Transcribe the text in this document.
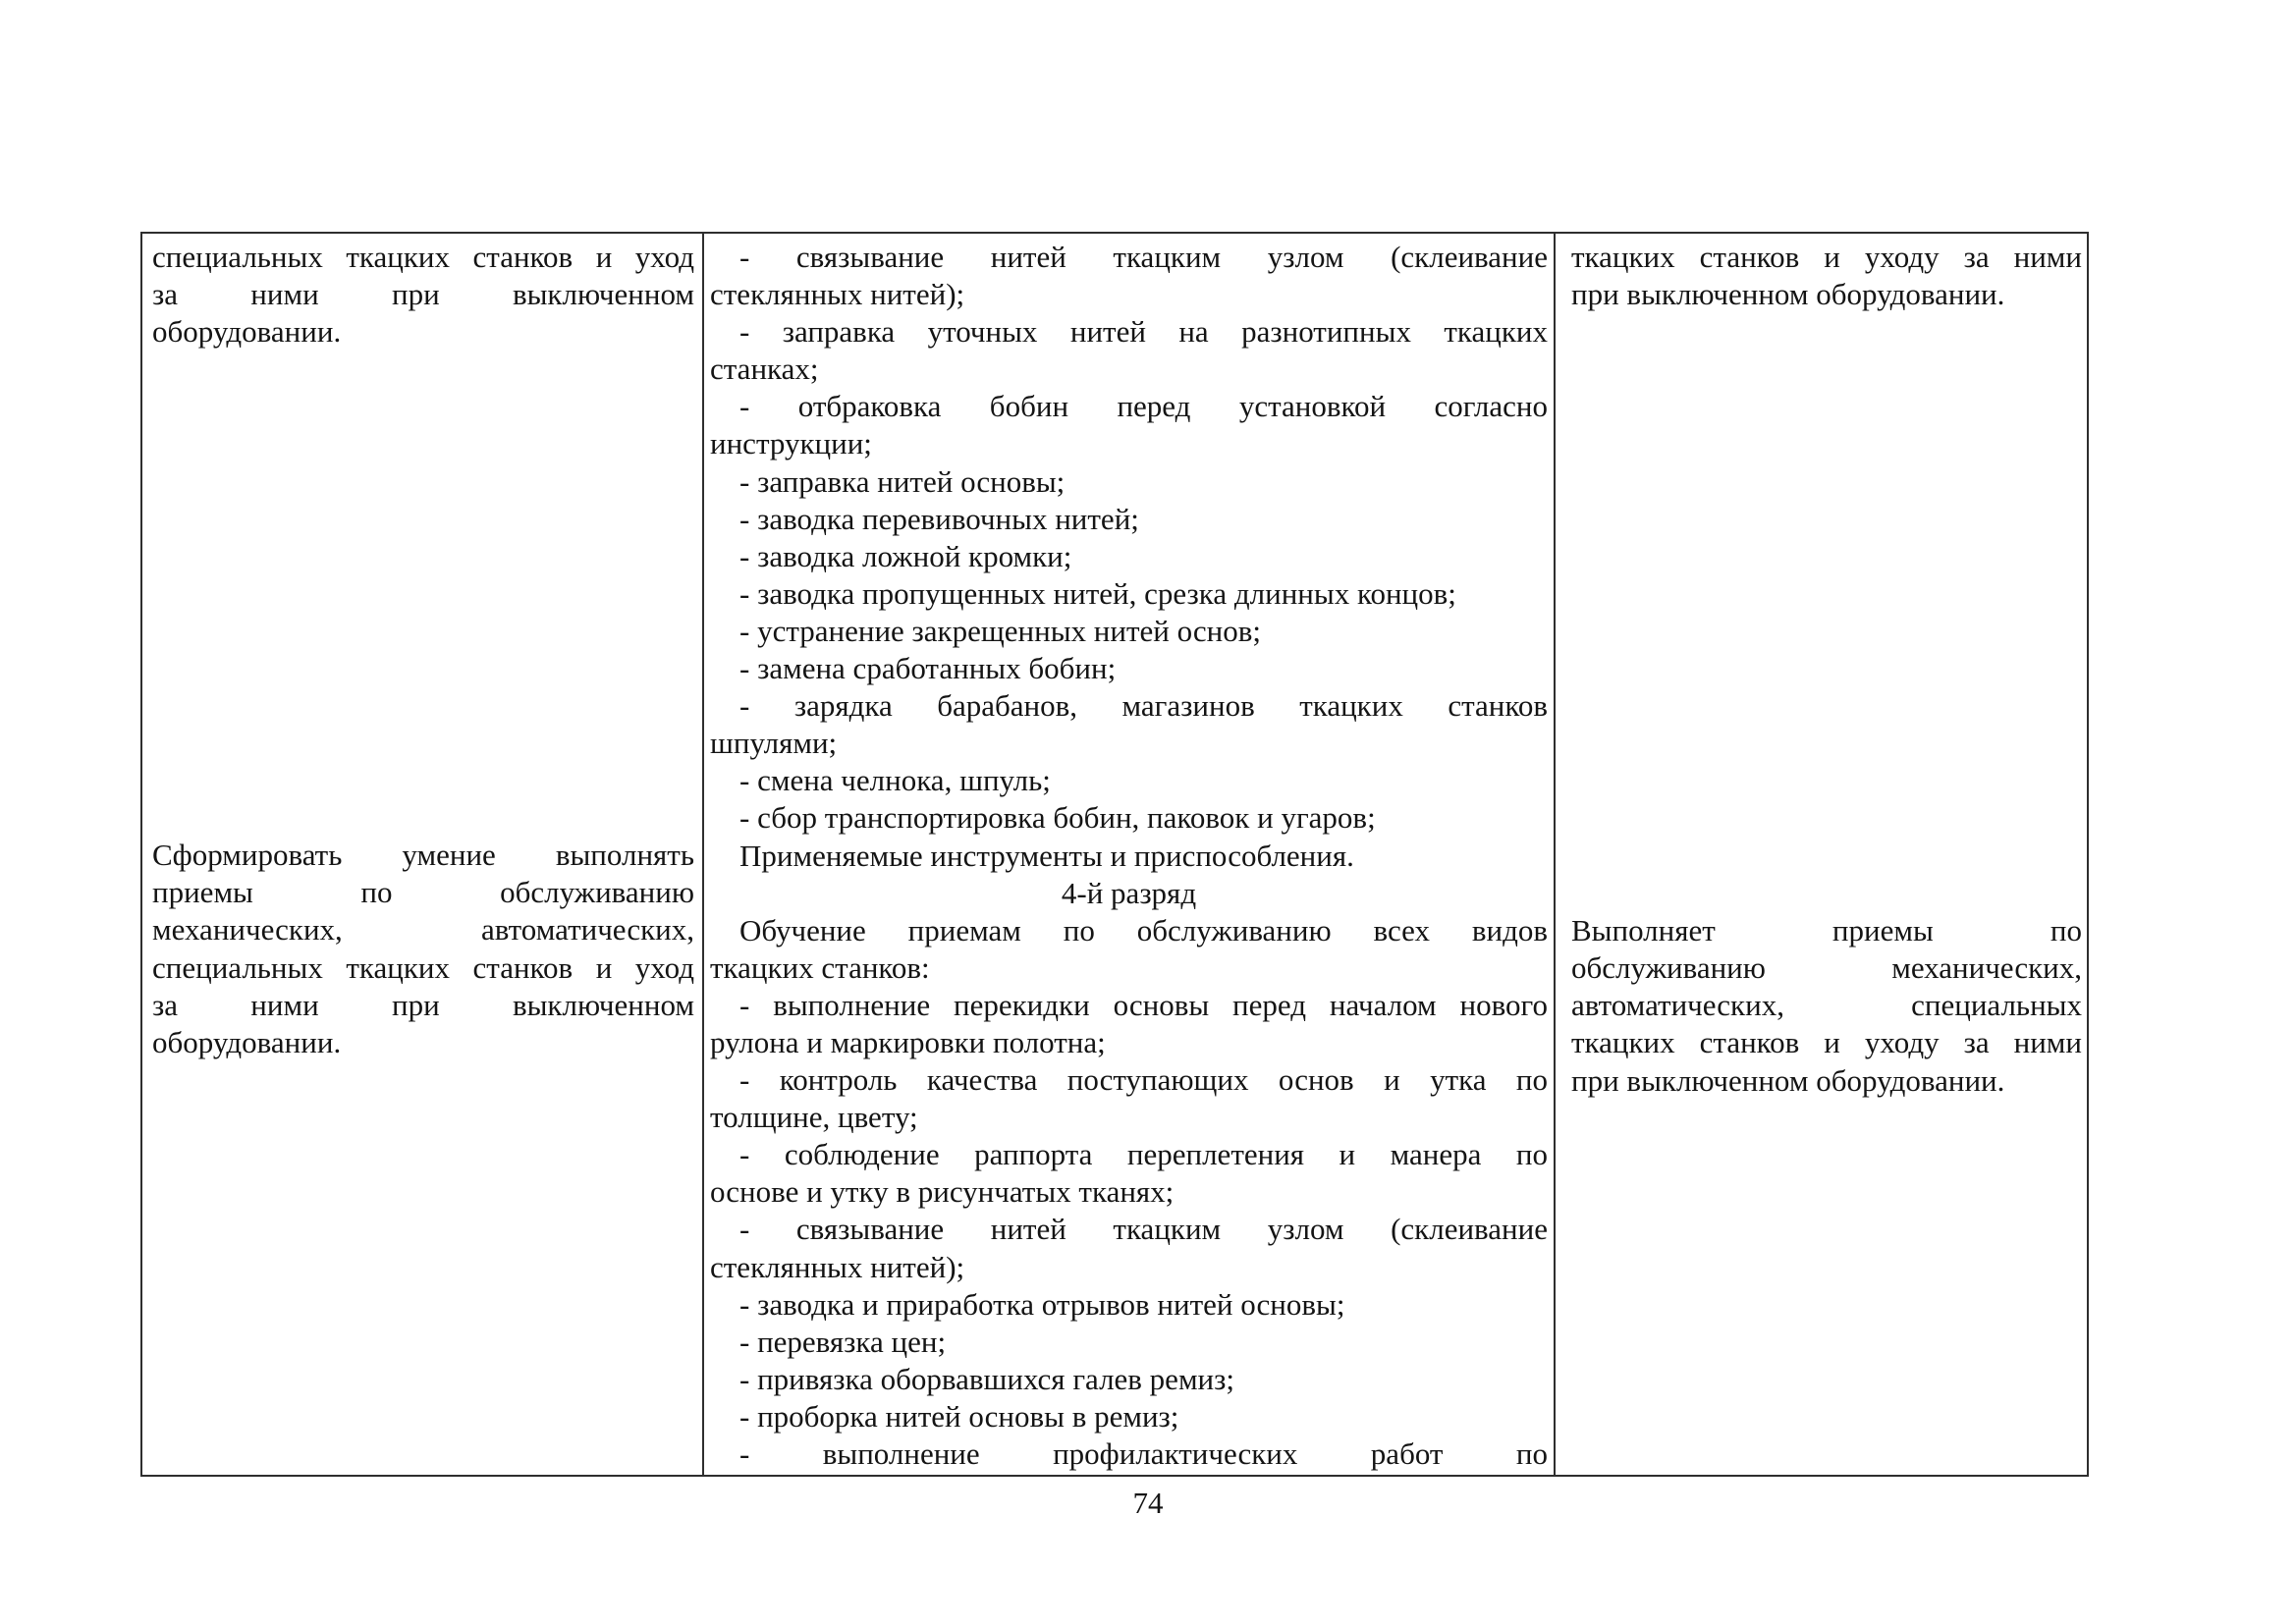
специальных ткацких станков и уход
за ними при выключенном
оборудовании.

Сформировать умение выполнять
приемы по обслуживанию
механических, автоматических,
специальных ткацких станков и уход
за ними при выключенном
оборудовании.

- связывание нитей ткацким узлом (склеивание
стеклянных нитей);

- заправка уточных нитей на разнотипных ткацких
станках;

- отбраковка бобин перед установкой согласно
инструкции;

- заправка нитей основы;

- заводка перевивочных нитей;

- заводка ложной кромки;

- заводка пропущенных нитей, срезка длинных концов;

- устранение закрещенных нитей основ;

- замена сработанных бобин;

- зарядка барабанов, магазинов ткацких станков
шпулями;

- смена челнока, шпуль;

- сбор транспортировка бобин, паковок и угаров;

Применяемые инструменты и приспособления.

4-й разряд

Обучение приемам по обслуживанию всех видов
ткацких станков:

- выполнение перекидки основы перед началом нового
рулона и маркировки полотна;

- контроль качества поступающих основ и утка по
толщине, цвету;

- соблюдение раппорта переплетения и манера по
основе и утку в рисунчатых тканях;

- связывание нитей ткацким узлом (склеивание
стеклянных нитей);

- заводка и приработка отрывов нитей основы;

- перевязка цен;

- привязка оборвавшихся галев ремиз;

- проборка нитей основы в ремиз;

- выполнение профилактических работ по

ткацких станков и уходу за ними
при выключенном оборудовании.

Выполняет приемы по
обслуживанию механических,
автоматических, специальных
ткацких станков и уходу за ними
при выключенном оборудовании.

74
